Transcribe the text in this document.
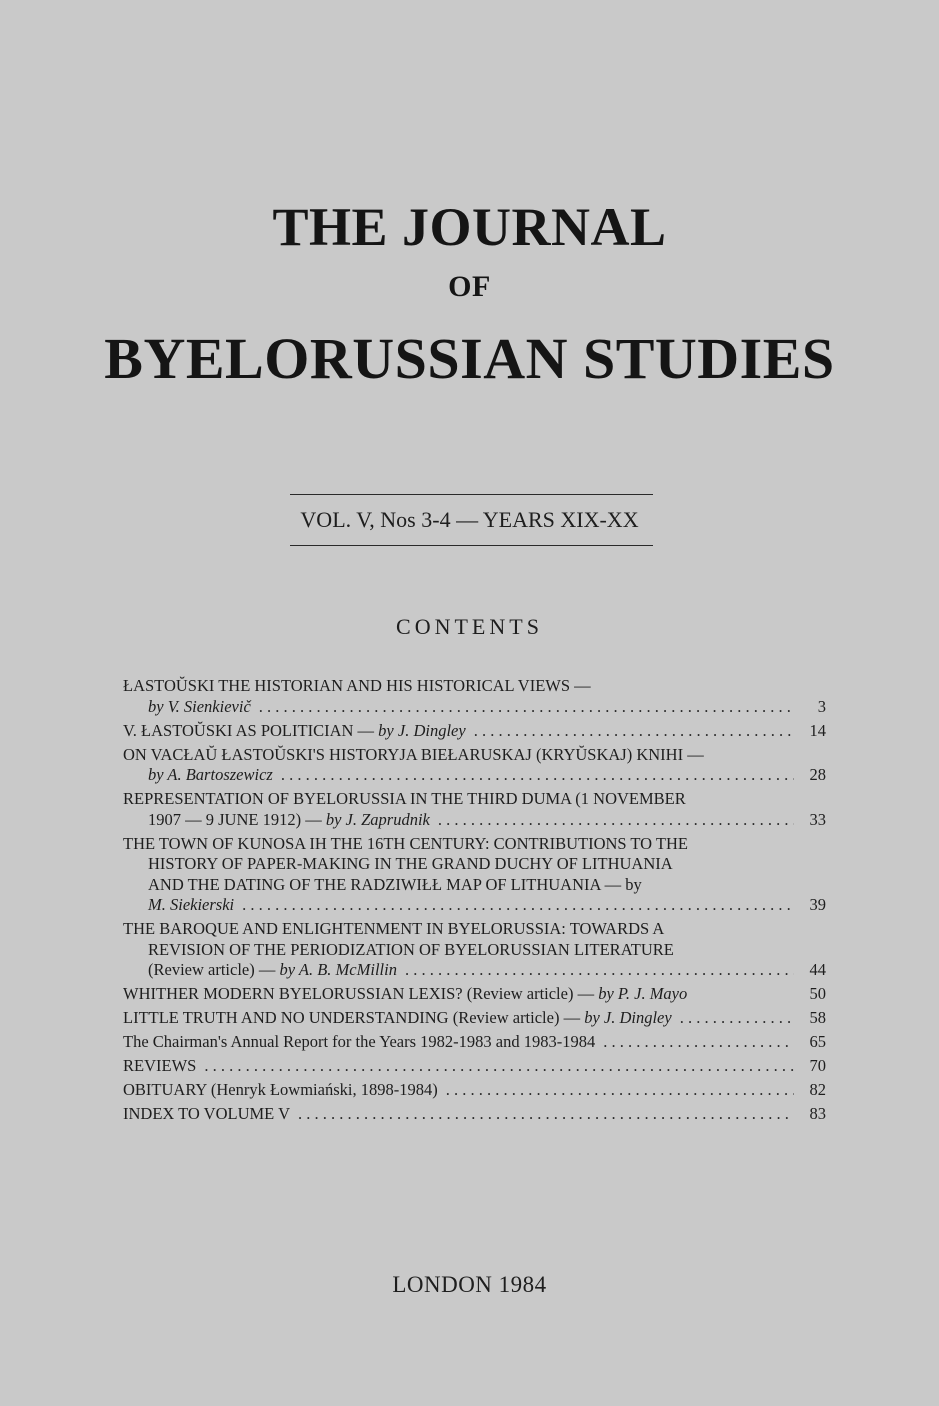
THE JOURNAL
OF
BYELORUSSIAN STUDIES
VOL. V, Nos 3-4 — YEARS XIX-XX
CONTENTS
ŁASTOŬSKI THE HISTORIAN AND HIS HISTORICAL VIEWS —
by V. Sienkievič . . .	3
V. ŁASTOŬSKI AS POLITICIAN — by J. Dingley . . .	14
ON VACŁAŬ ŁASTOŬSKI'S HISTORYJA BIEŁARUSKAJ (KRYŬSKAJ) KNIHI —
by A. Bartoszewicz . . .	28
REPRESENTATION OF BYELORUSSIA IN THE THIRD DUMA (1 NOVEMBER
1907 — 9 JUNE 1912) — by J. Zaprudnik . . .	33
THE TOWN OF KUNOSA IH THE 16TH CENTURY: CONTRIBUTIONS TO THE
HISTORY OF PAPER-MAKING IN THE GRAND DUCHY OF LITHUANIA
AND THE DATING OF THE RADZIWIŁŁ MAP OF LITHUANIA — by
M. Siekierski . . .	39
THE BAROQUE AND ENLIGHTENMENT IN BYELORUSSIA: TOWARDS A
REVISION OF THE PERIODIZATION OF BYELORUSSIAN LITERATURE
(Review article) — by A. B. McMillin . . .	44
WHITHER MODERN BYELORUSSIAN LEXIS? (Review article) — by P. J. Mayo	50
LITTLE TRUTH AND NO UNDERSTANDING (Review article) — by J. Dingley . . .	58
The Chairman's Annual Report for the Years 1982-1983 and 1983-1984 . . .	65
REVIEWS . . .	70
OBITUARY (Henryk Łowmiański, 1898-1984) . . .	82
INDEX TO VOLUME V . . .	83
LONDON 1984
